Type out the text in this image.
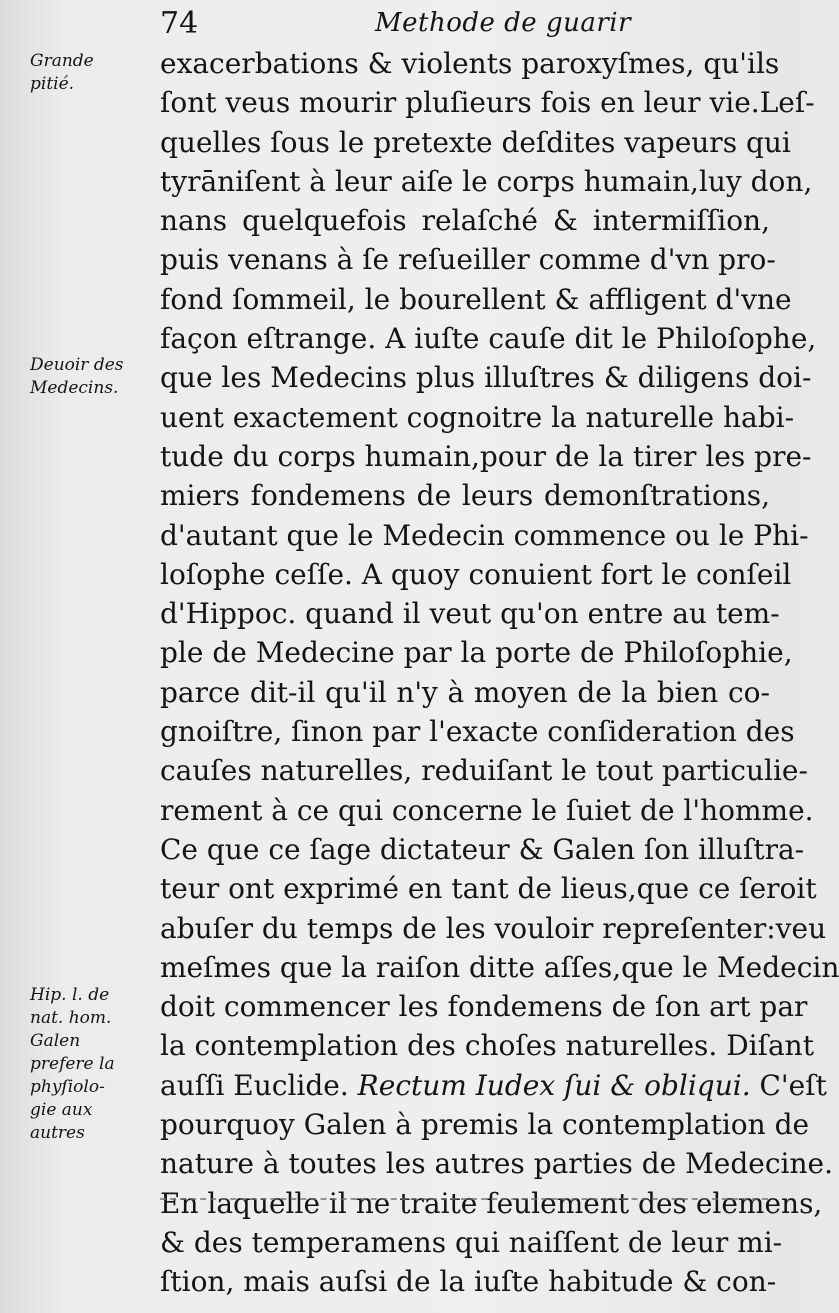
74	Methode de guarir
Grande
pitié.
Deuoir des
Medecins.
Hip. l. de
nat. hom.
Galen
prefere la
phyſiolo-
gie aux
autres
exacerbations & violents paroxyſmes, qu'ils
ſont veus mourir pluſieurs fois en leur vie.Leſ-
quelles ſous le pretexte deſdites vapeurs qui
tyrāniſent à leur aiſe le corps humain,luy don,
nans quelquefois relaſché & intermiſſion,
puis venans à ſe reſueiller comme d'vn pro-
fond ſommeil, le bourellent & affligent d'vne
façon eſtrange. A iuſte cauſe dit le Philoſophe,
que les Medecins plus illuſtres & diligens doi-
uent exactement cognoitre la naturelle habi-
tude du corps humain,pour de la tirer les pre-
miers fondemens de leurs demonſtrations,
d'autant que le Medecin commence ou le Phi-
loſophe ceſſe. A quoy conuient fort le conſeil
d'Hippoc. quand il veut qu'on entre au tem-
ple de Medecine par la porte de Philoſophie,
parce dit-il qu'il n'y à moyen de la bien co-
gnoiſtre, ſinon par l'exacte conſideration des
cauſes naturelles, reduiſant le tout particulie-
rement à ce qui concerne le ſuiet de l'homme.
Ce que ce ſage dictateur & Galen ſon illuſtra-
teur ont exprimé en tant de lieus,que ce ſeroit
abuſer du temps de les vouloir repreſenter:veu
meſmes que la raiſon ditte aſſes,que le Medecin
doit commencer les fondemens de ſon art par
la contemplation des choſes naturelles. Diſant
auſſi Euclide. Rectum Iudex ſui & obliqui. C'eſt
pourquoy Galen à premis la contemplation de
nature à toutes les autres parties de Medecine.
En laquelle il ne traite ſeulement des elemens,
& des temperamens qui naiſſent de leur mi-
ſtion, mais auſsi de la iuſte habitude & con-
